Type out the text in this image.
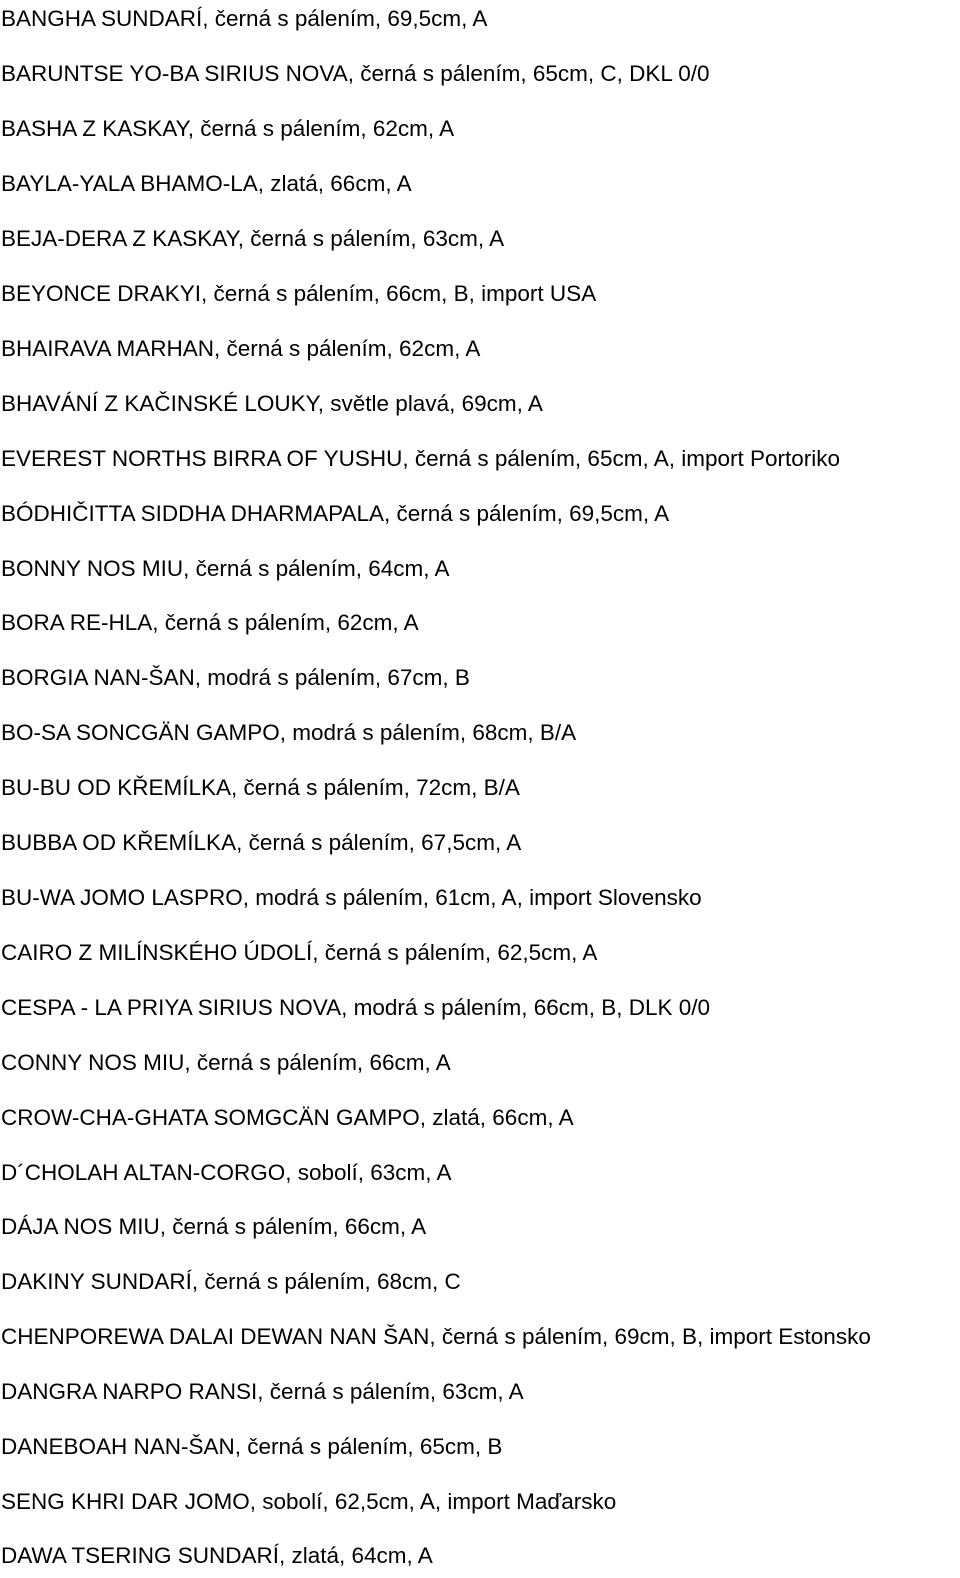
BANGHA SUNDARÍ, černá s pálením, 69,5cm, A
BARUNTSE YO-BA SIRIUS NOVA, černá s pálením, 65cm, C, DKL 0/0
BASHA Z KASKAY, černá s pálením, 62cm, A
BAYLA-YALA BHAMO-LA, zlatá, 66cm, A
BEJA-DERA Z KASKAY, černá s pálením, 63cm, A
BEYONCE DRAKYI, černá s pálením, 66cm, B, import USA
BHAIRAVA MARHAN, černá s pálením, 62cm, A
BHAVÁNÍ Z KAČINSKÉ LOUKY, světle plavá, 69cm, A
EVEREST NORTHS BIRRA OF YUSHU, černá s pálením, 65cm, A, import Portoriko
BÓDHIČITTA SIDDHA DHARMAPALA, černá s pálením, 69,5cm, A
BONNY NOS MIU, černá s pálením, 64cm, A
BORA RE-HLA, černá s pálením, 62cm, A
BORGIA NAN-ŠAN, modrá s pálením, 67cm, B
BO-SA SONCGÄN GAMPO, modrá s pálením, 68cm, B/A
BU-BU OD KŘEMÍLKA, černá s pálením, 72cm, B/A
BUBBA OD KŘEMÍLKA, černá s pálením, 67,5cm, A
BU-WA JOMO LASPRO, modrá s pálením, 61cm, A, import Slovensko
CAIRO Z MILÍNSKÉHO ÚDOLÍ, černá s pálením, 62,5cm, A
CESPA - LA PRIYA SIRIUS NOVA, modrá s pálením, 66cm, B, DLK 0/0
CONNY NOS MIU, černá s pálením, 66cm, A
CROW-CHA-GHATA SOMGCÄN GAMPO, zlatá, 66cm, A
D´CHOLAH ALTAN-CORGO, sobolí, 63cm, A
DÁJA NOS MIU, černá s pálením, 66cm, A
DAKINY SUNDARÍ, černá s pálením, 68cm, C
CHENPOREWA DALAI DEWAN NAN ŠAN, černá s pálením, 69cm, B, import Estonsko
DANGRA NARPO RANSI, černá s pálením, 63cm, A
DANEBOAH NAN-ŠAN, černá s pálením, 65cm, B
SENG KHRI DAR JOMO, sobolí, 62,5cm, A, import Maďarsko
DAWA TSERING SUNDARÍ, zlatá, 64cm, A
